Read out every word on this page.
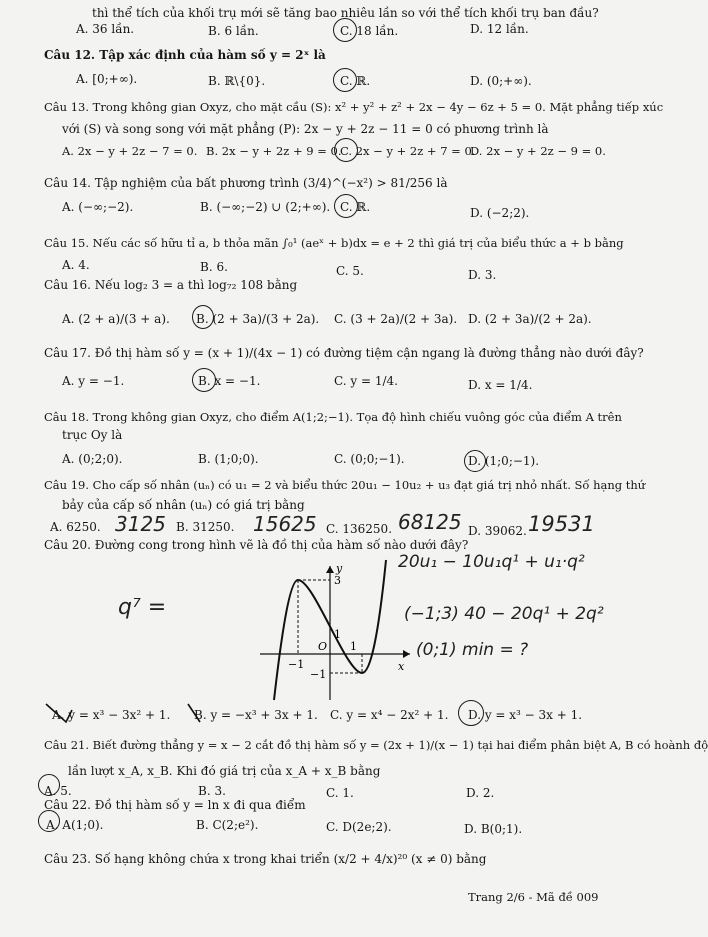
thì thể tích của khối trụ mới sẽ tăng bao nhiêu lần so với thể tích khối trụ ban đầu?
A. 36 lần.	B. 6 lần.	C. 18 lần.	D. 12 lần.
Câu 12. Tập xác định của hàm số y = 2ˣ là
A. [0;+∞).	B. ℝ\{0}.	C. ℝ.	D. (0;+∞).
Câu 13. Trong không gian Oxyz, cho mặt cầu (S): x² + y² + z² + 2x − 4y − 6z + 5 = 0. Mặt phẳng tiếp xúc
với (S) và song song với mặt phẳng (P): 2x − y + 2z − 11 = 0 có phương trình là
A. 2x − y + 2z − 7 = 0. B. 2x − y + 2z + 9 = 0.
C. 2x − y + 2z + 7 = 0.
D. 2x − y + 2z − 9 = 0.
Câu 14. Tập nghiệm của bất phương trình (3/4)^(−x²) > 81/256 là
A. (−∞;−2).	B. (−∞;−2) ∪ (2;+∞). C. ℝ.	D. (−2;2).
Câu 15. Nếu các số hữu tỉ a, b thỏa mãn ∫₀¹ (aeˣ + b)dx = e + 2 thì giá trị của biểu thức a + b bằng
A. 4.	B. 6.	C. 5.	D. 3.
Câu 16. Nếu log₂ 3 = a thì log₇₂ 108 bằng
A. (2 + a)/(3 + a). B. (2 + 3a)/(3 + 2a). C. (3 + 2a)/(2 + 3a). D. (2 + 3a)/(2 + 2a).
Câu 17. Đồ thị hàm số y = (x + 1)/(4x − 1) có đường tiệm cận ngang là đường thẳng nào dưới đây?
A. y = −1.	B. x = −1.	C. y = 1/4.	D. x = 1/4.
Câu 18. Trong không gian Oxyz, cho điểm A(1;2;−1). Tọa độ hình chiếu vuông góc của điểm A trên
trục Oy là
A. (0;2;0).	B. (1;0;0).	C. (0;0;−1).	D. (1;0;−1).
Câu 19. Cho cấp số nhân (uₙ) có u₁ = 2 và biểu thức 20u₁ − 10u₂ + u₃ đạt giá trị nhỏ nhất. Số hạng thứ
bảy của cấp số nhân (uₙ) có giá trị bằng
A. 6250.	B. 31250.	C. 136250.	D. 39062.
3125	15625	68125	19531
Câu 20. Đường cong trong hình vẽ là đồ thị của hàm số nào dưới đây?
y
x
O
3
1
−1
1
−1
20u₁ − 10u₁q¹ + u₁·q²
q⁷ =	(−1;3) 40 − 20q¹ + 2q²
(0;1) min = ?
A. y = x³ − 3x² + 1. B. y = −x³ + 3x + 1. C. y = x⁴ − 2x² + 1. D. y = x³ − 3x + 1.
Câu 21. Biết đường thẳng y = x − 2 cắt đồ thị hàm số y = (2x + 1)/(x − 1) tại hai điểm phân biệt A, B có hoành độ
lần lượt x_A, x_B. Khi đó giá trị của x_A + x_B bằng
A. 5.	B. 3.	C. 1.	D. 2.
Câu 22. Đồ thị hàm số y = ln x đi qua điểm
A. A(1;0).	B. C(2;e²).	C. D(2e;2).	D. B(0;1).
Câu 23. Số hạng không chứa x trong khai triển (x/2 + 4/x)²⁰ (x ≠ 0) bằng
Trang 2/6 - Mã đề 009
